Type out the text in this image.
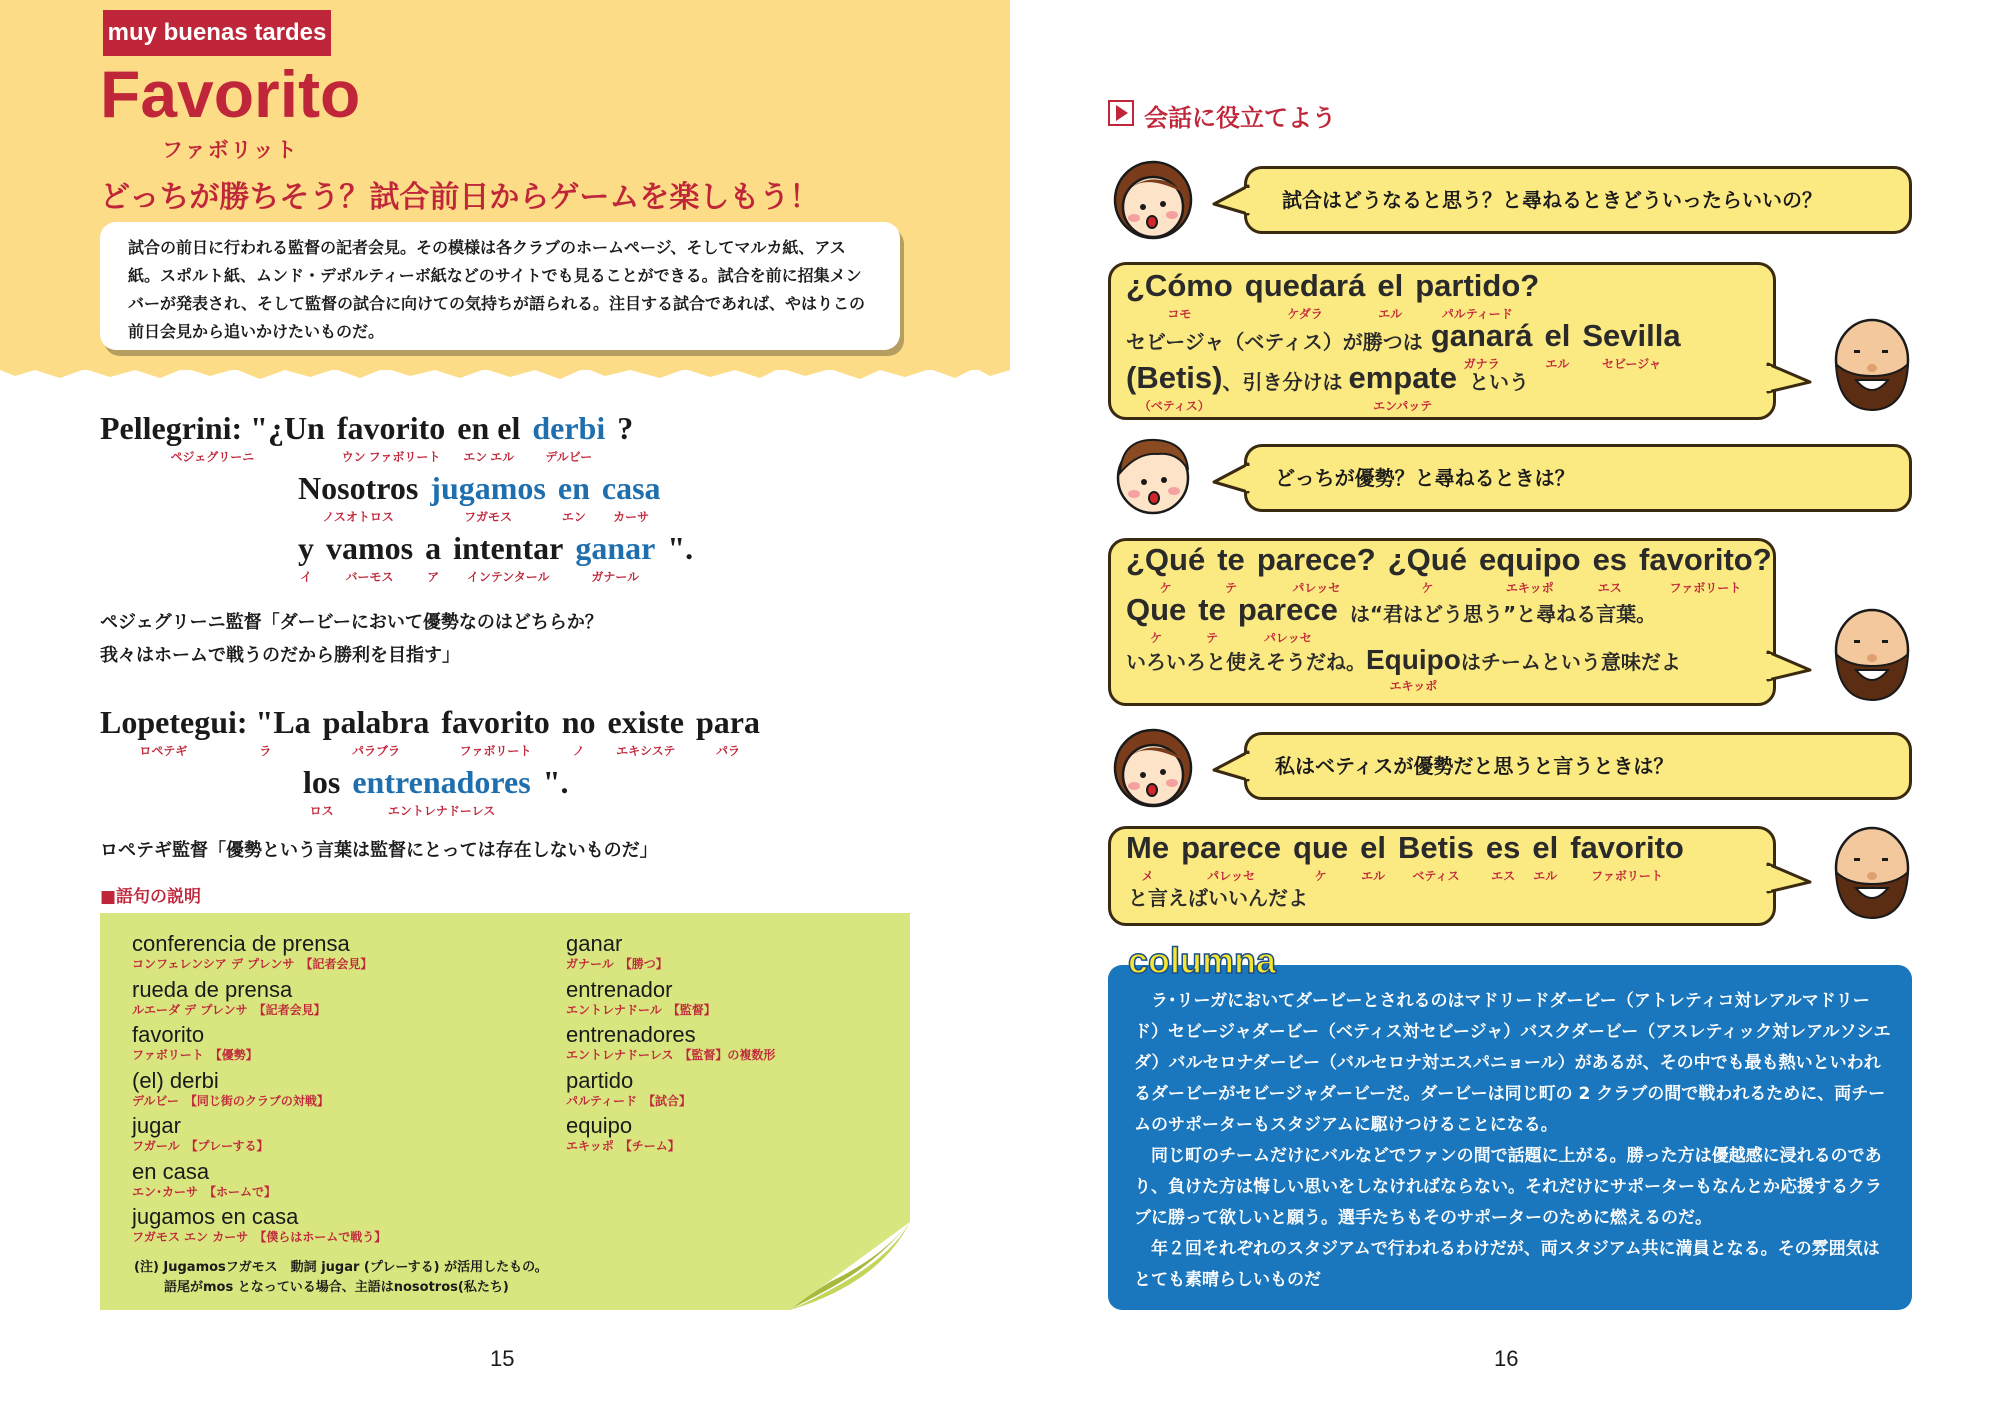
muy buenas tardes
Favorito
ファボリット
どっちが勝ちそう？試合前日からゲームを楽しもう！

試合の前日に行われる監督の記者会見。その模様は各クラブのホームページ、そしてマルカ紙、アス紙。スポルト紙、ムンド・デポルティーボ紙などのサイトでも見ることができる。試合を前に招集メンバーが発表され、そして監督の試合に向けての気持ちが語られる。注目する試合であれば、やはりこの前日会見から追いかけたいものだ。

Pellegrini: "¿Un
ペジェグリーニ
favorito
ウン ファボリート
en el
エン エル
derbi
デルビー
?

Nosotros
ノスオトロス
jugamos
フガモス
en
エン
casa
カーサ
y
イ
vamos
バーモス
a
ア
intentar
インテンタール
ganar
ガナール
".

ペジェグリーニ監督「ダービーにおいて優勢なのはどちらか？
我々はホームで戦うのだから勝利を目指す」
Lopetegui: "La
ロペテギ　　　　　　ラ
palabra
パラブラ
favorito
ファボリート
no
ノ
existe
エキシステ
para
パラ
los
ロス
entrenadores
エントレナドーレス
".

ロペテギ監督「優勢という言葉は監督にとっては存在しないものだ」
■語句の説明
conferencia de prensa
コンフェレンシア デ プレンサ　【記者会見】
rueda de prensa
ルエーダ デ プレンサ　【記者会見】
favorito
ファボリート　【優勢】
(el) derbi
デルビー　【同じ街のクラブの対戦】
jugar
フガール　【プレーする】
en casa
エン･カーサ　【ホームで】
jugamos en casa
フガモス エン カーサ　【僕らはホームで戦う】
ganar
ガナール　【勝つ】
entrenador
エントレナドール　【監督】
entrenadores
エントレナドーレス　【監督】の複数形
partido
パルティード　【試合】
equipo
エキッポ　【チーム】
(注) Jugamosフガモス　動詞 jugar (プレーする) が活用したもの。
語尾がmos となっている場合、主語はnosotros(私たち)
15
会話に役立てよう
試合はどうなると思う？と尋ねるときどういったらいいの？
どっちが優勢？と尋ねるときは？
私はベティスが優勢だと思うと言うときは？
¿Cómo
コモ
quedará
ケダラ
el
エル
partido?
パルティード
セビージャ（ベティス）が勝つは ganará
ガナラ
el
エル
Sevilla
セビージャ
(Betis)
（ベティス）
、引き分けは empate
エンパッテ
という
¿Qué
ケ
te
テ
parece?
パレッセ
¿Qué
ケ
equipo
エキッポ
es
エス
favorito?
ファボリート
Que
ケ
te
テ
parece
パレッセ
は“君はどう思う”と尋ねる言葉。
いろいろと使えそうだね。 Equipo
エキッポ
はチームという意味だよ
Me
メ
parece
パレッセ
que
ケ
el
エル
Betis
ベティス
es
エス
el
エル
favorito
ファボリート
と言えばいいんだよ
columna

ラ･リーガにおいてダービーとされるのはマドリードダービー（アトレティコ対レアルマドリード）セビージャダービー（ベティス対セビージャ）バスクダービー（アスレティック対レアルソシエダ）バルセロナダービー（バルセロナ対エスパニョール）があるが、その中でも最も熱いといわれるダービーがセビージャダービーだ。ダービーは同じ町の 2 クラブの間で戦われるために、両チームのサポーターもスタジアムに駆けつけることになる。

同じ町のチームだけにバルなどでファンの間で話題に上がる。勝った方は優越感に浸れるのであり、負けた方は悔しい思いをしなければならない。それだけにサポーターもなんとか応援するクラブに勝って欲しいと願う。選手たちもそのサポーターのために燃えるのだ。

年２回それぞれのスタジアムで行われるわけだが、両スタジアム共に満員となる。その雰囲気はとても素晴らしいものだ

16
